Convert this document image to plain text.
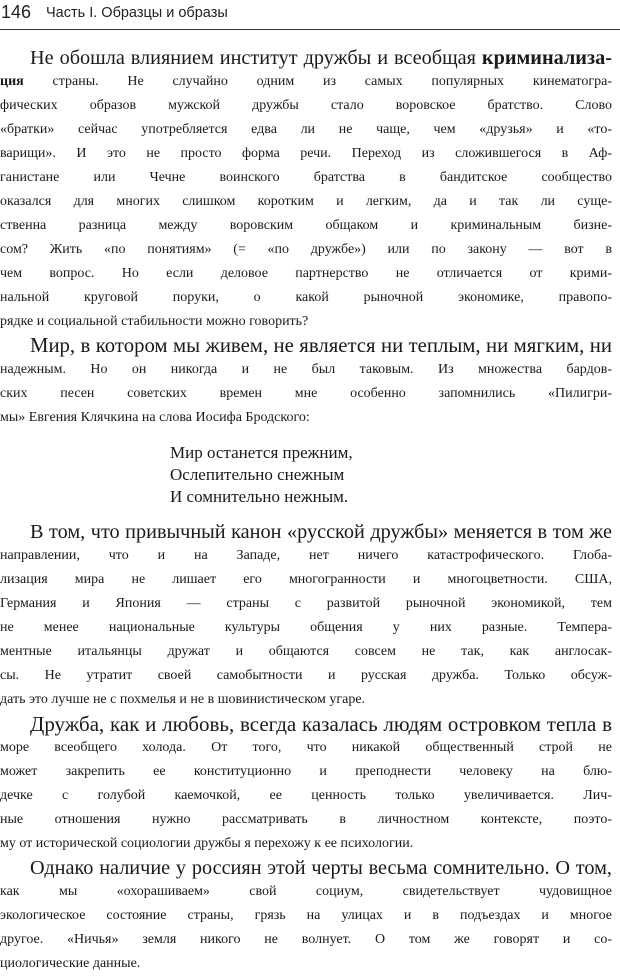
146 Часть I. Образцы и образы

Не обошла влиянием институт дружбы и всеобщая криминализа-
ция страны. Не случайно одним из самых популярных кинематогра-
фических образов мужской дружбы стало воровское братство. Слово
«братки» сейчас употребляется едва ли не чаще, чем «друзья» и «то-
варищи». И это не просто форма речи. Переход из сложившегося в Аф-
ганистане или Чечне воинского братства в бандитское сообщество
оказался для многих слишком коротким и легким, да и так ли суще-
ственна разница между воровским общаком и криминальным бизне-
сом? Жить «по понятиям» (= «по дружбе») или по закону — вот в
чем вопрос. Но если деловое партнерство не отличается от крими-
нальной круговой поруки, о какой рыночной экономике, правопо-
рядке и социальной стабильности можно говорить?

Мир, в котором мы живем, не является ни теплым, ни мягким, ни
надежным. Но он никогда и не был таковым. Из множества бардов-
ских песен советских времен мне особенно запомнились «Пилигри-
мы» Евгения Клячкина на слова Иосифа Бродского:

Мир останется прежним,
Ослепительно снежным
И сомнительно нежным.

В том, что привычный канон «русской дружбы» меняется в том же
направлении, что и на Западе, нет ничего катастрофического. Глоба-
лизация мира не лишает его многогранности и многоцветности. США,
Германия и Япония — страны с развитой рыночной экономикой, тем
не менее национальные культуры общения у них разные. Темпера-
ментные итальянцы дружат и общаются совсем не так, как англосак-
сы. Не утратит своей самобытности и русская дружба. Только обсуж-
дать это лучше не с похмелья и не в шовинистическом угаре.

Дружба, как и любовь, всегда казалась людям островком тепла в
море всеобщего холода. От того, что никакой общественный строй не
может закрепить ее конституционно и преподнести человеку на блю-
дечке с голубой каемочкой, ее ценность только увеличивается. Лич-
ные отношения нужно рассматривать в личностном контексте, поэто-
му от исторической социологии дружбы я перехожу к ее психологии.

Однако наличие у россиян этой черты весьма сомнительно. О том,
как мы «охорашиваем» свой социум, свидетельствует чудовищное
экологическое состояние страны, грязь на улицах и в подъездах и многое
другое. «Ничья» земля никого не волнует. О том же говорят и со-
циологические данные.
